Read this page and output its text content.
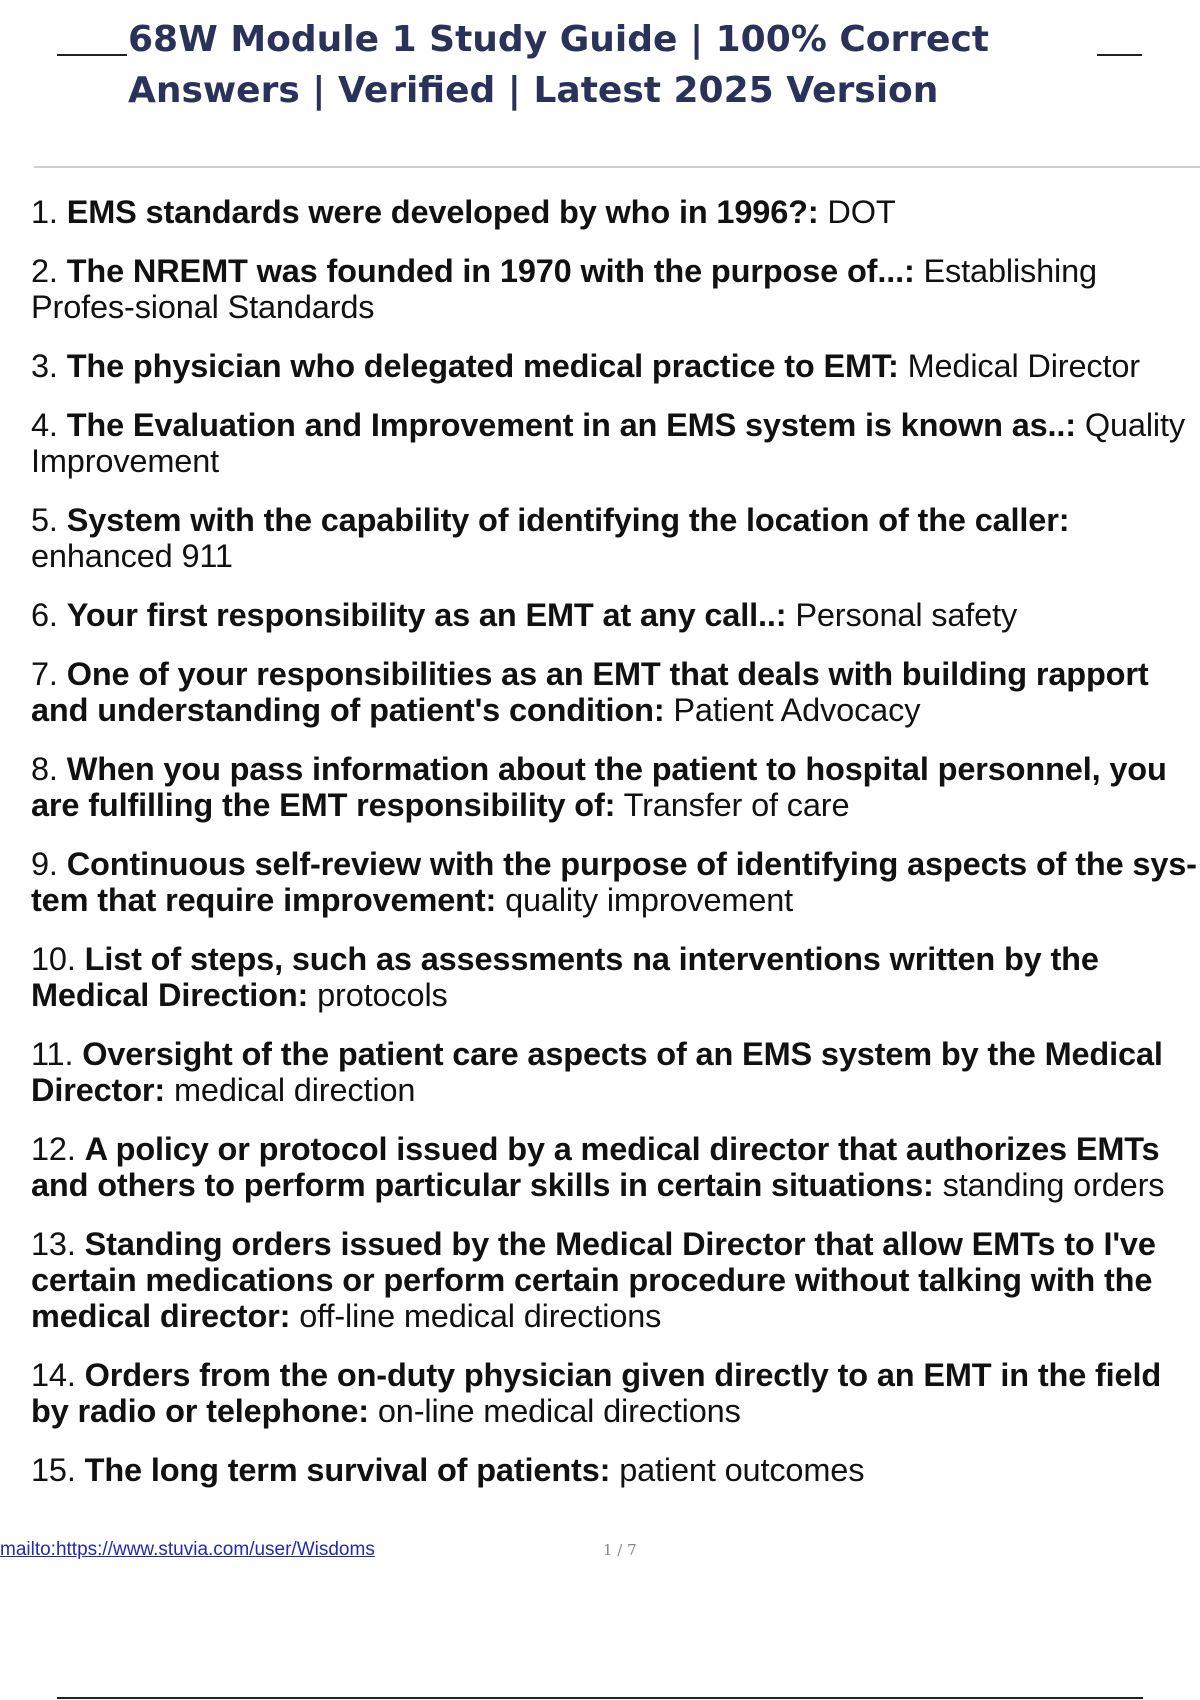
68W Module 1 Study Guide | 100% Correct Answers | Verified | Latest 2025 Version
1. EMS standards were developed by who in 1996?: DOT
2. The NREMT was founded in 1970 with the purpose of...: Establishing Profes-sional Standards
3. The physician who delegated medical practice to EMT: Medical Director
4. The Evaluation and Improvement in an EMS system is known as..: Quality Improvement
5. System with the capability of identifying the location of the caller: enhanced 911
6. Your first responsibility as an EMT at any call..: Personal safety
7. One of your responsibilities as an EMT that deals with building rapport and understanding of patient's condition: Patient Advocacy
8. When you pass information about the patient to hospital personnel, you are fulfilling the EMT responsibility of: Transfer of care
9. Continuous self-review with the purpose of identifying aspects of the sys-tem that require improvement: quality improvement
10. List of steps, such as assessments na interventions written by the Medical Direction: protocols
11. Oversight of the patient care aspects of an EMS system by the Medical Director: medical direction
12. A policy or protocol issued by a medical director that authorizes EMTs and others to perform particular skills in certain situations: standing orders
13. Standing orders issued by the Medical Director that allow EMTs to I've certain medications or perform certain procedure without talking with the medical director: off-line medical directions
14. Orders from the on-duty physician given directly to an EMT in the field by radio or telephone: on-line medical directions
15. The long term survival of patients: patient outcomes
mailto:https://www.stuvia.com/user/Wisdoms	1 / 7
